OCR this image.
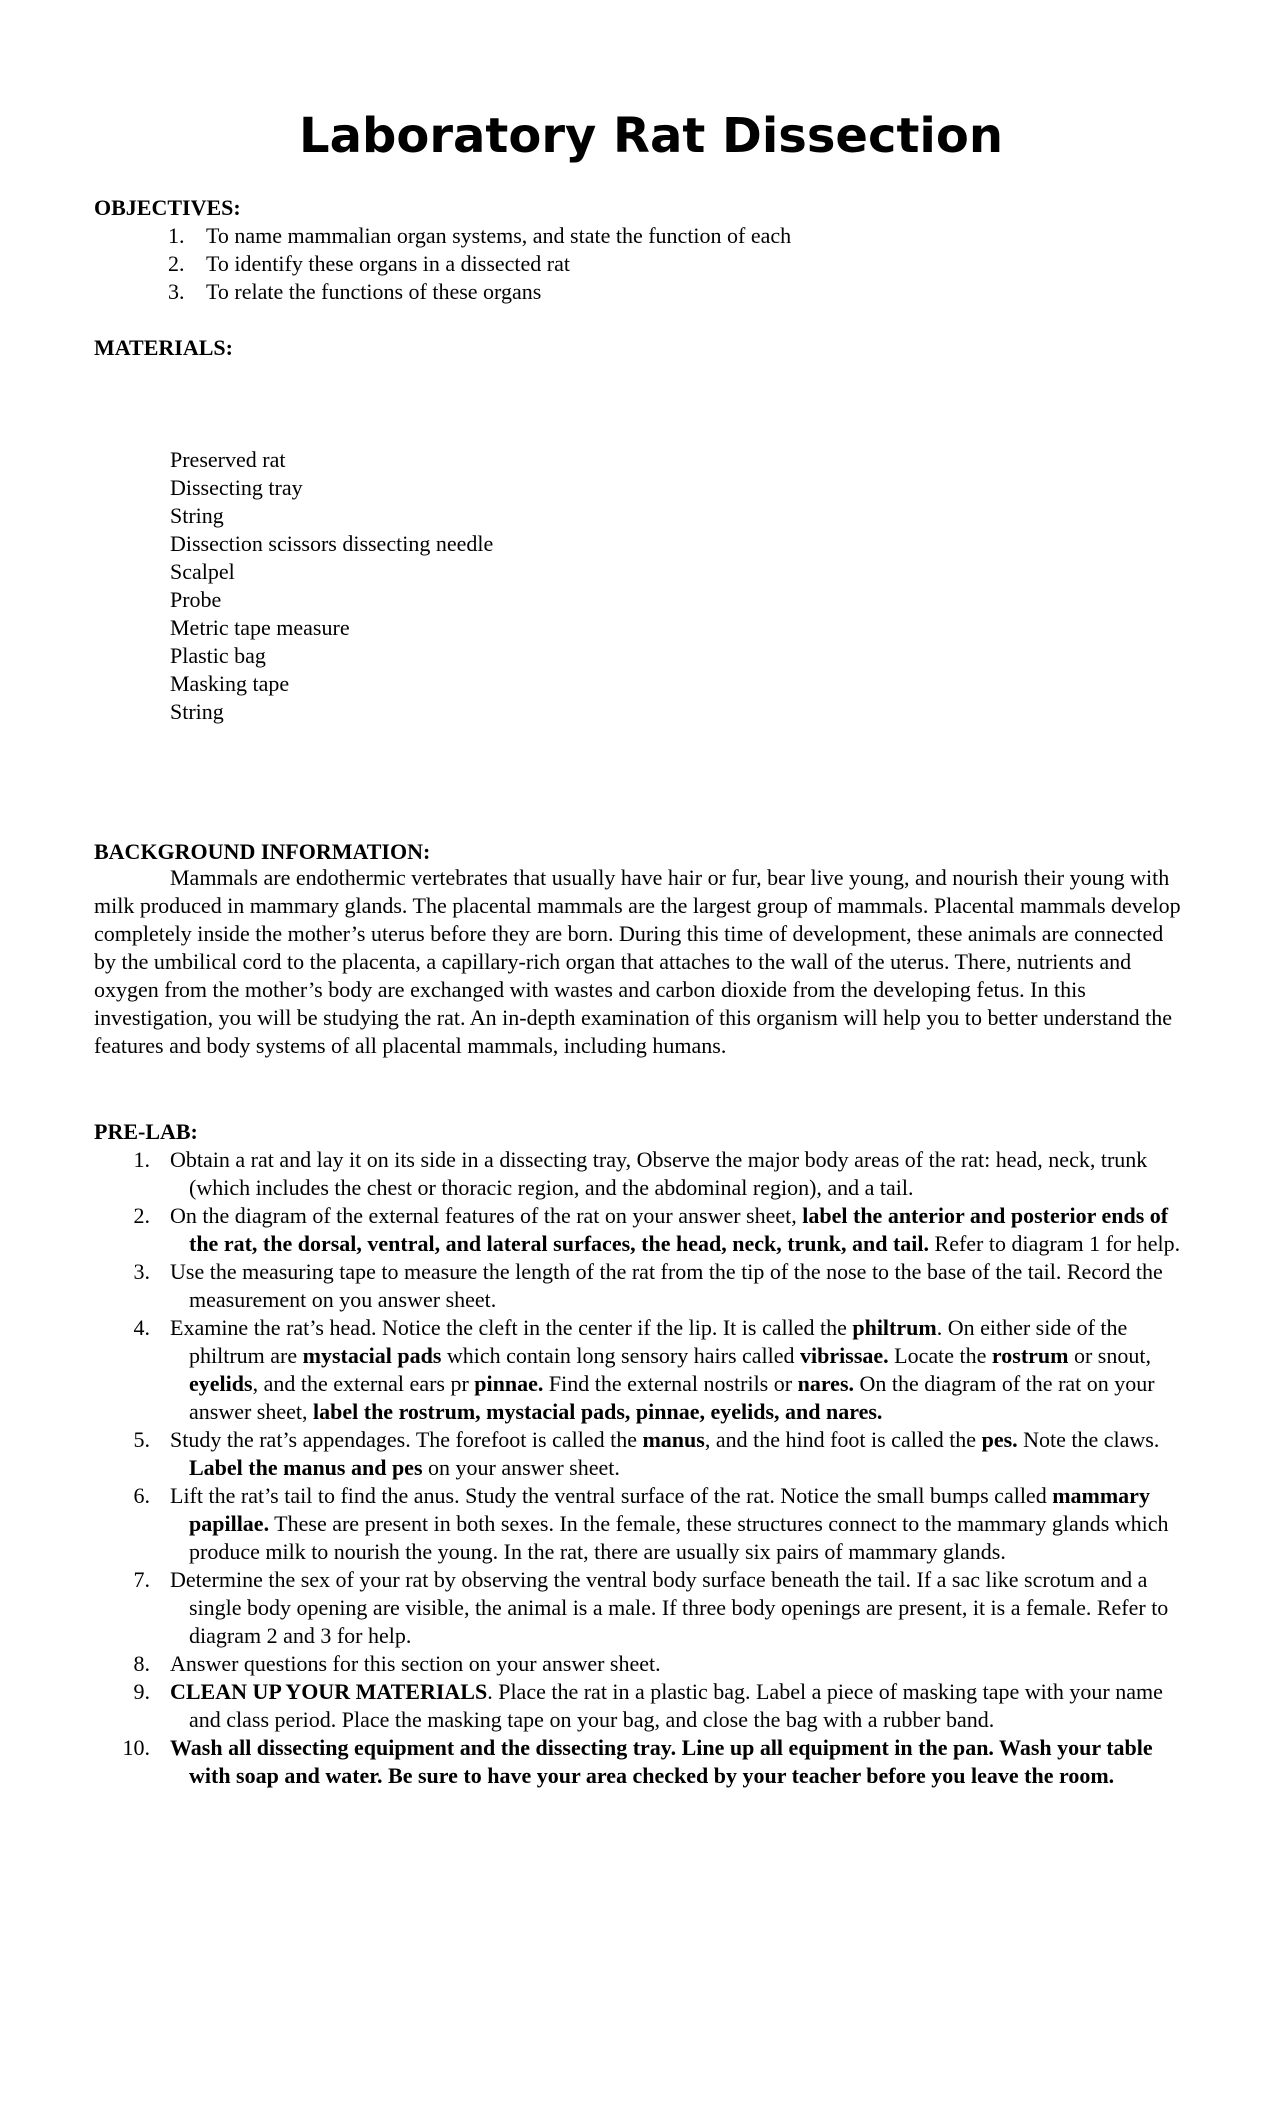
Laboratory Rat Dissection
OBJECTIVES:
1. To name mammalian organ systems, and state the function of each
2. To identify these organs in a dissected rat
3. To relate the functions of these organs
MATERIALS:
Preserved rat
Dissecting tray
String
Dissection scissors dissecting needle
Scalpel
Probe
Metric tape measure
Plastic bag
Masking tape
String
BACKGROUND INFORMATION:

Mammals are endothermic vertebrates that usually have hair or fur, bear live young, and nourish their young with milk produced in mammary glands. The placental mammals are the largest group of mammals. Placental mammals develop completely inside the mother’s uterus before they are born. During this time of development, these animals are connected by the umbilical cord to the placenta, a capillary-rich organ that attaches to the wall of the uterus. There, nutrients and oxygen from the mother’s body are exchanged with wastes and carbon dioxide from the developing fetus. In this investigation, you will be studying the rat. An in-depth examination of this organism will help you to better understand the features and body systems of all placental mammals, including humans.

PRE-LAB:
1. Obtain a rat and lay it on its side in a dissecting tray, Observe the major body areas of the rat: head, neck, trunk (which includes the chest or thoracic region, and the abdominal region), and a tail.
2. On the diagram of the external features of the rat on your answer sheet, label the anterior and posterior ends of the rat, the dorsal, ventral, and lateral surfaces, the head, neck, trunk, and tail. Refer to diagram 1 for help.
3. Use the measuring tape to measure the length of the rat from the tip of the nose to the base of the tail. Record the measurement on you answer sheet.
4. Examine the rat’s head. Notice the cleft in the center if the lip. It is called the philtrum. On either side of the philtrum are mystacial pads which contain long sensory hairs called vibrissae. Locate the rostrum or snout, eyelids, and the external ears pr pinnae. Find the external nostrils or nares. On the diagram of the rat on your answer sheet, label the rostrum, mystacial pads, pinnae, eyelids, and nares.
5. Study the rat’s appendages. The forefoot is called the manus, and the hind foot is called the pes. Note the claws. Label the manus and pes on your answer sheet.
6. Lift the rat’s tail to find the anus. Study the ventral surface of the rat. Notice the small bumps called mammary papillae. These are present in both sexes. In the female, these structures connect to the mammary glands which produce milk to nourish the young. In the rat, there are usually six pairs of mammary glands.
7. Determine the sex of your rat by observing the ventral body surface beneath the tail. If a sac like scrotum and a single body opening are visible, the animal is a male. If three body openings are present, it is a female. Refer to diagram 2 and 3 for help.
8. Answer questions for this section on your answer sheet.
9. CLEAN UP YOUR MATERIALS. Place the rat in a plastic bag. Label a piece of masking tape with your name and class period. Place the masking tape on your bag, and close the bag with a rubber band.
10. Wash all dissecting equipment and the dissecting tray. Line up all equipment in the pan. Wash your table with soap and water. Be sure to have your area checked by your teacher before you leave the room.
